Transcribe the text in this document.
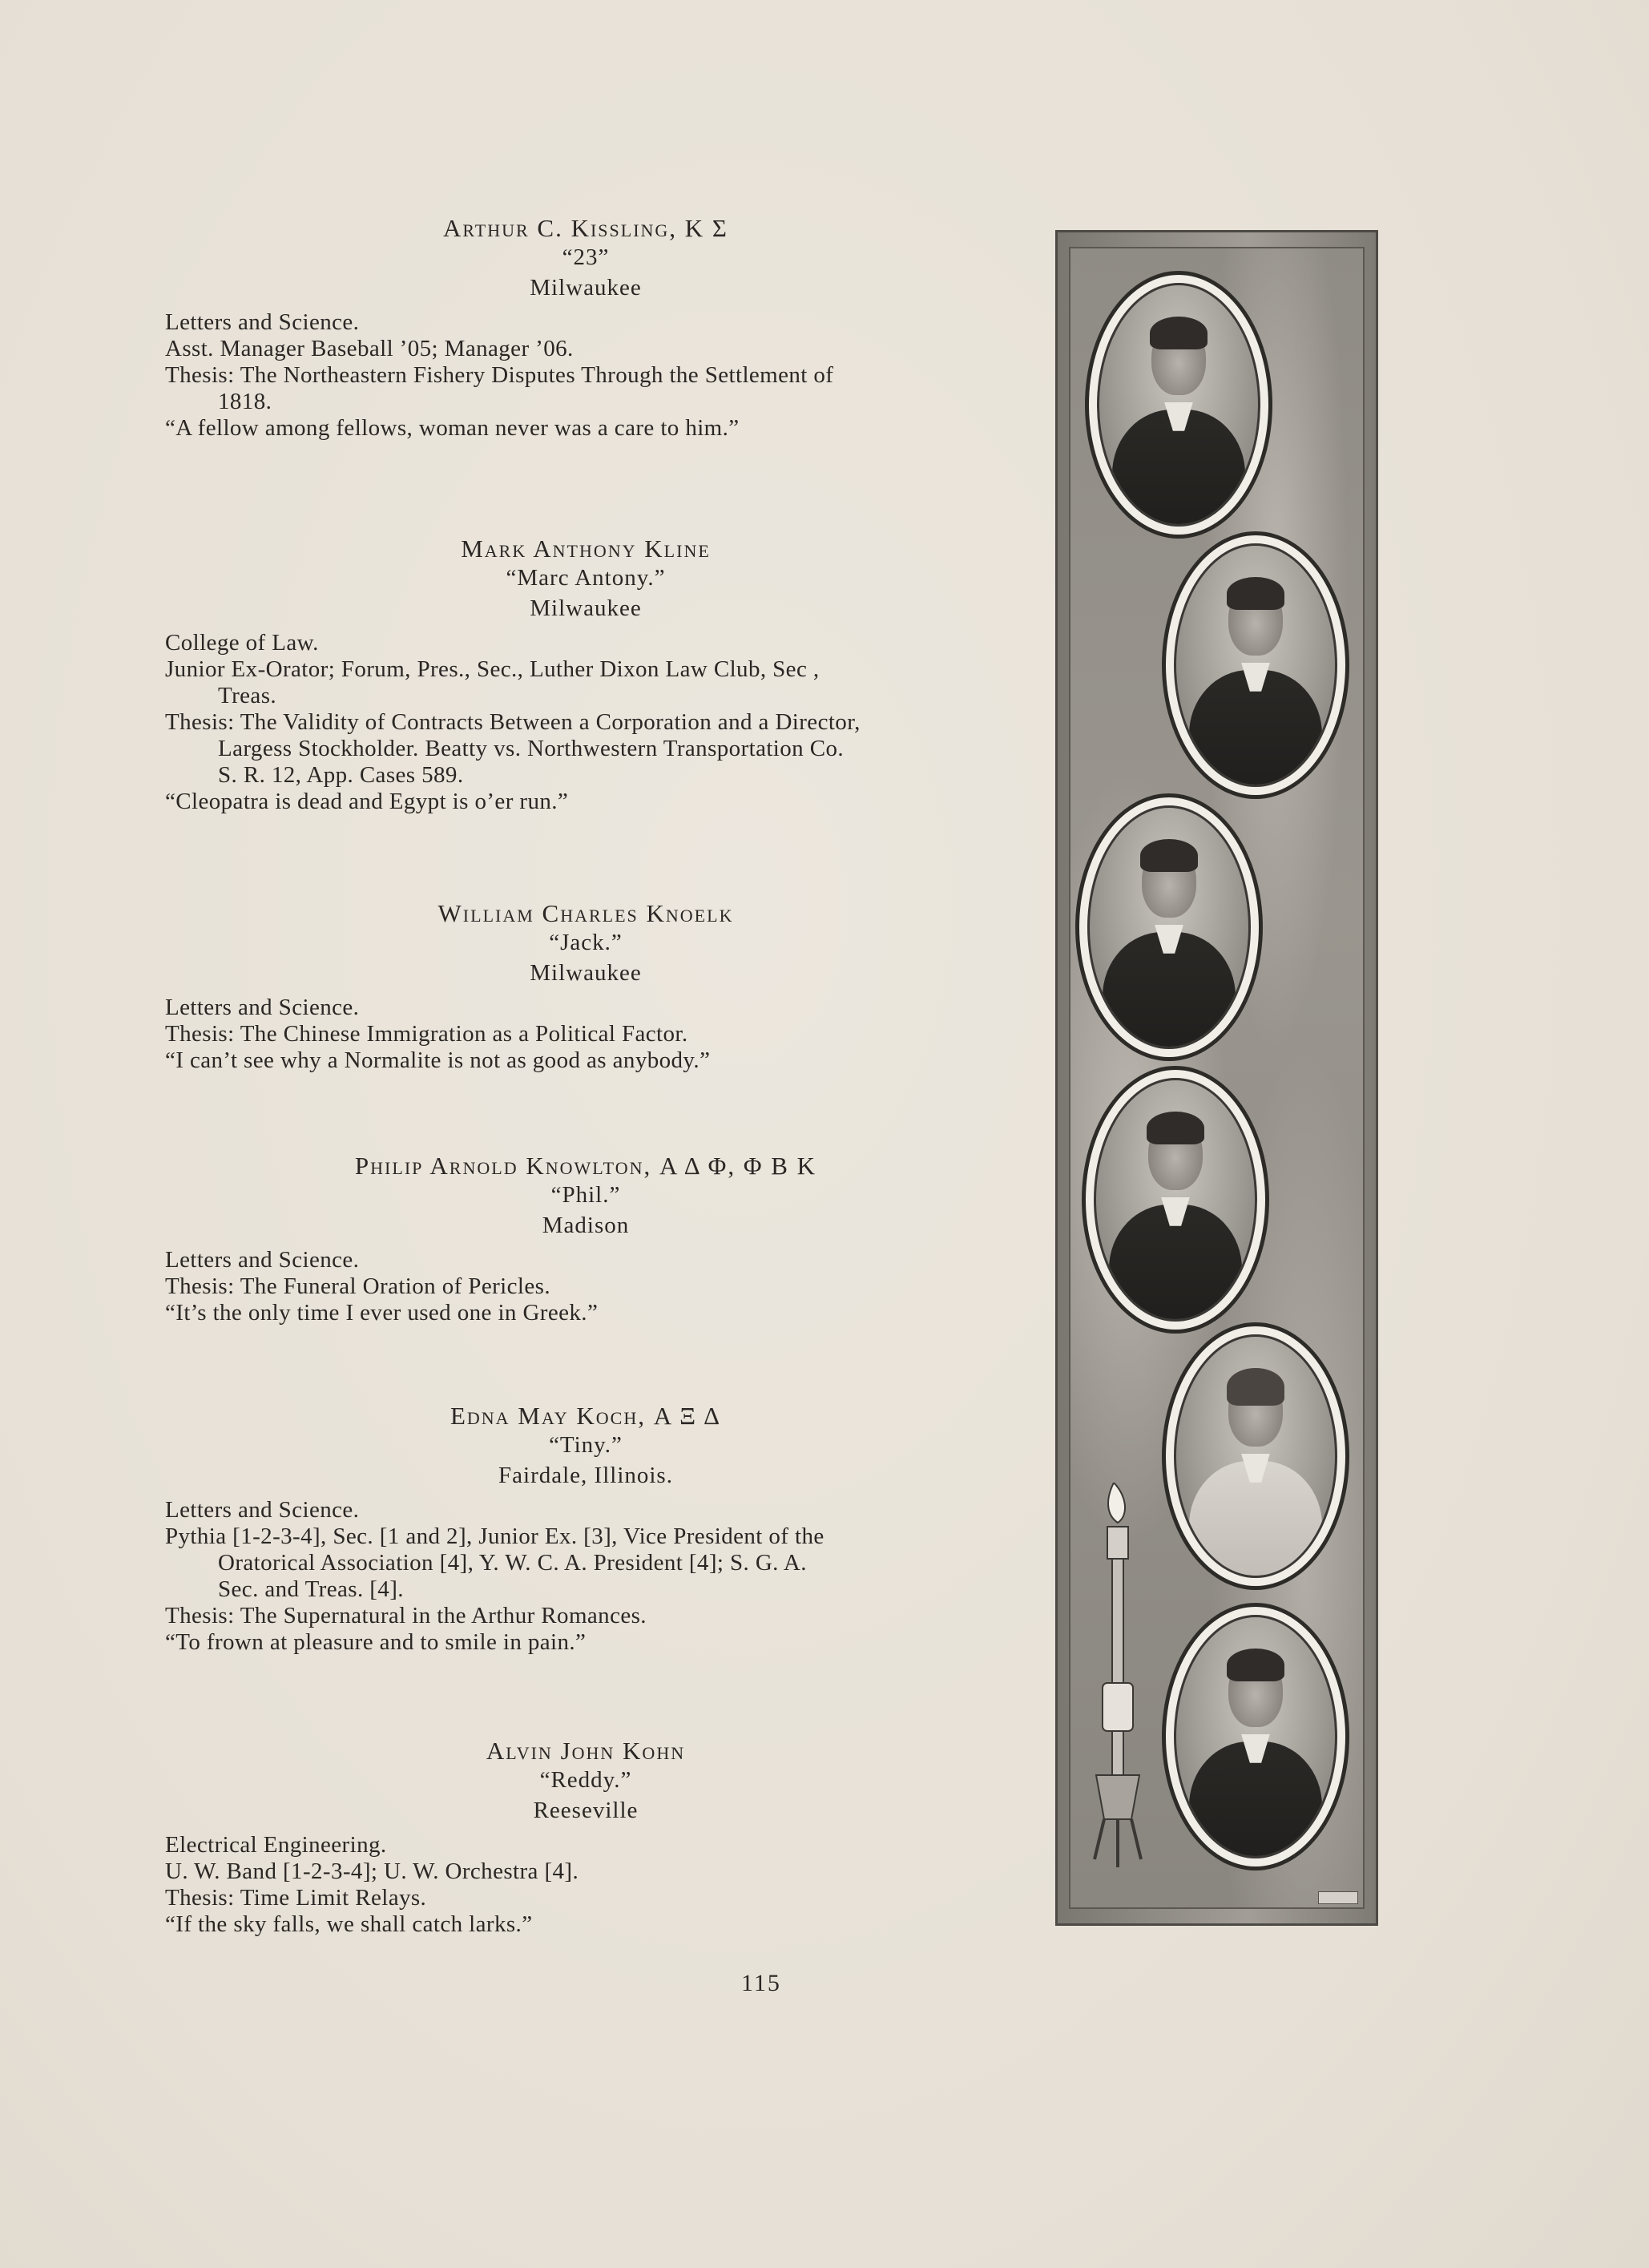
Arthur C. Kissling, Κ Σ
“23”
Milwaukee
Letters and Science.
Asst. Manager Baseball ’05; Manager ’06.
Thesis: The Northeastern Fishery Disputes Through the Settlement of
1818.
“A fellow among fellows, woman never was a care to him.”
Mark Anthony Kline
“Marc Antony.”
Milwaukee
College of Law.
Junior Ex-Orator; Forum, Pres., Sec., Luther Dixon Law Club, Sec ,
Treas.
Thesis: The Validity of Contracts Between a Corporation and a Director,
Largess Stockholder. Beatty vs. Northwestern Transportation Co.
S. R. 12, App. Cases 589.
“Cleopatra is dead and Egypt is o’er run.”
William Charles Knoelk
“Jack.”
Milwaukee
Letters and Science.
Thesis: The Chinese Immigration as a Political Factor.
“I can’t see why a Normalite is not as good as anybody.”
Philip Arnold Knowlton, Α Δ Φ, Φ Β Κ
“Phil.”
Madison
Letters and Science.
Thesis: The Funeral Oration of Pericles.
“It’s the only time I ever used one in Greek.”
Edna May Koch, Α Ξ Δ
“Tiny.”
Fairdale, Illinois.
Letters and Science.
Pythia [1-2-3-4], Sec. [1 and 2], Junior Ex. [3], Vice President of the
Oratorical Association [4], Y. W. C. A. President [4]; S. G. A.
Sec. and Treas. [4].
Thesis: The Supernatural in the Arthur Romances.
“To frown at pleasure and to smile in pain.”
Alvin John Kohn
“Reddy.”
Reeseville
Electrical Engineering.
U. W. Band [1-2-3-4]; U. W. Orchestra [4].
Thesis: Time Limit Relays.
“If the sky falls, we shall catch larks.”
115
